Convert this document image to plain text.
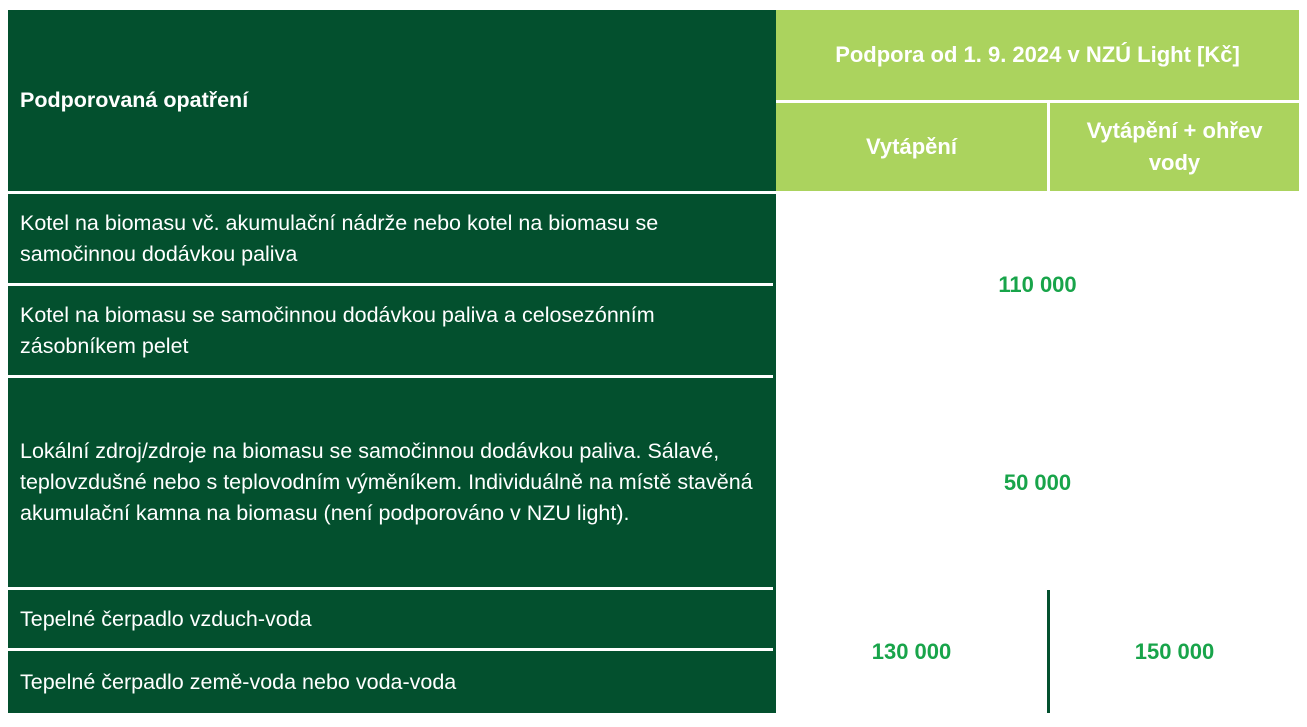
Podporovaná opatření
Podpora od 1. 9. 2024 v NZÚ Light [Kč]
Vytápění
Vytápění + ohřev vody
Kotel na biomasu vč. akumulační nádrže nebo kotel na biomasu se samočinnou dodávkou paliva
Kotel na biomasu se samočinnou dodávkou paliva a celosezónním zásobníkem pelet
110 000
Lokální zdroj/zdroje na biomasu se samočinnou dodávkou paliva. Sálavé, teplovzdušné nebo s teplovodním výměníkem. Individuálně na místě stavěná akumulační kamna na biomasu (není podporováno v NZU light).
50 000
Tepelné čerpadlo vzduch-voda
Tepelné čerpadlo země-voda nebo voda-voda
130 000	150 000
